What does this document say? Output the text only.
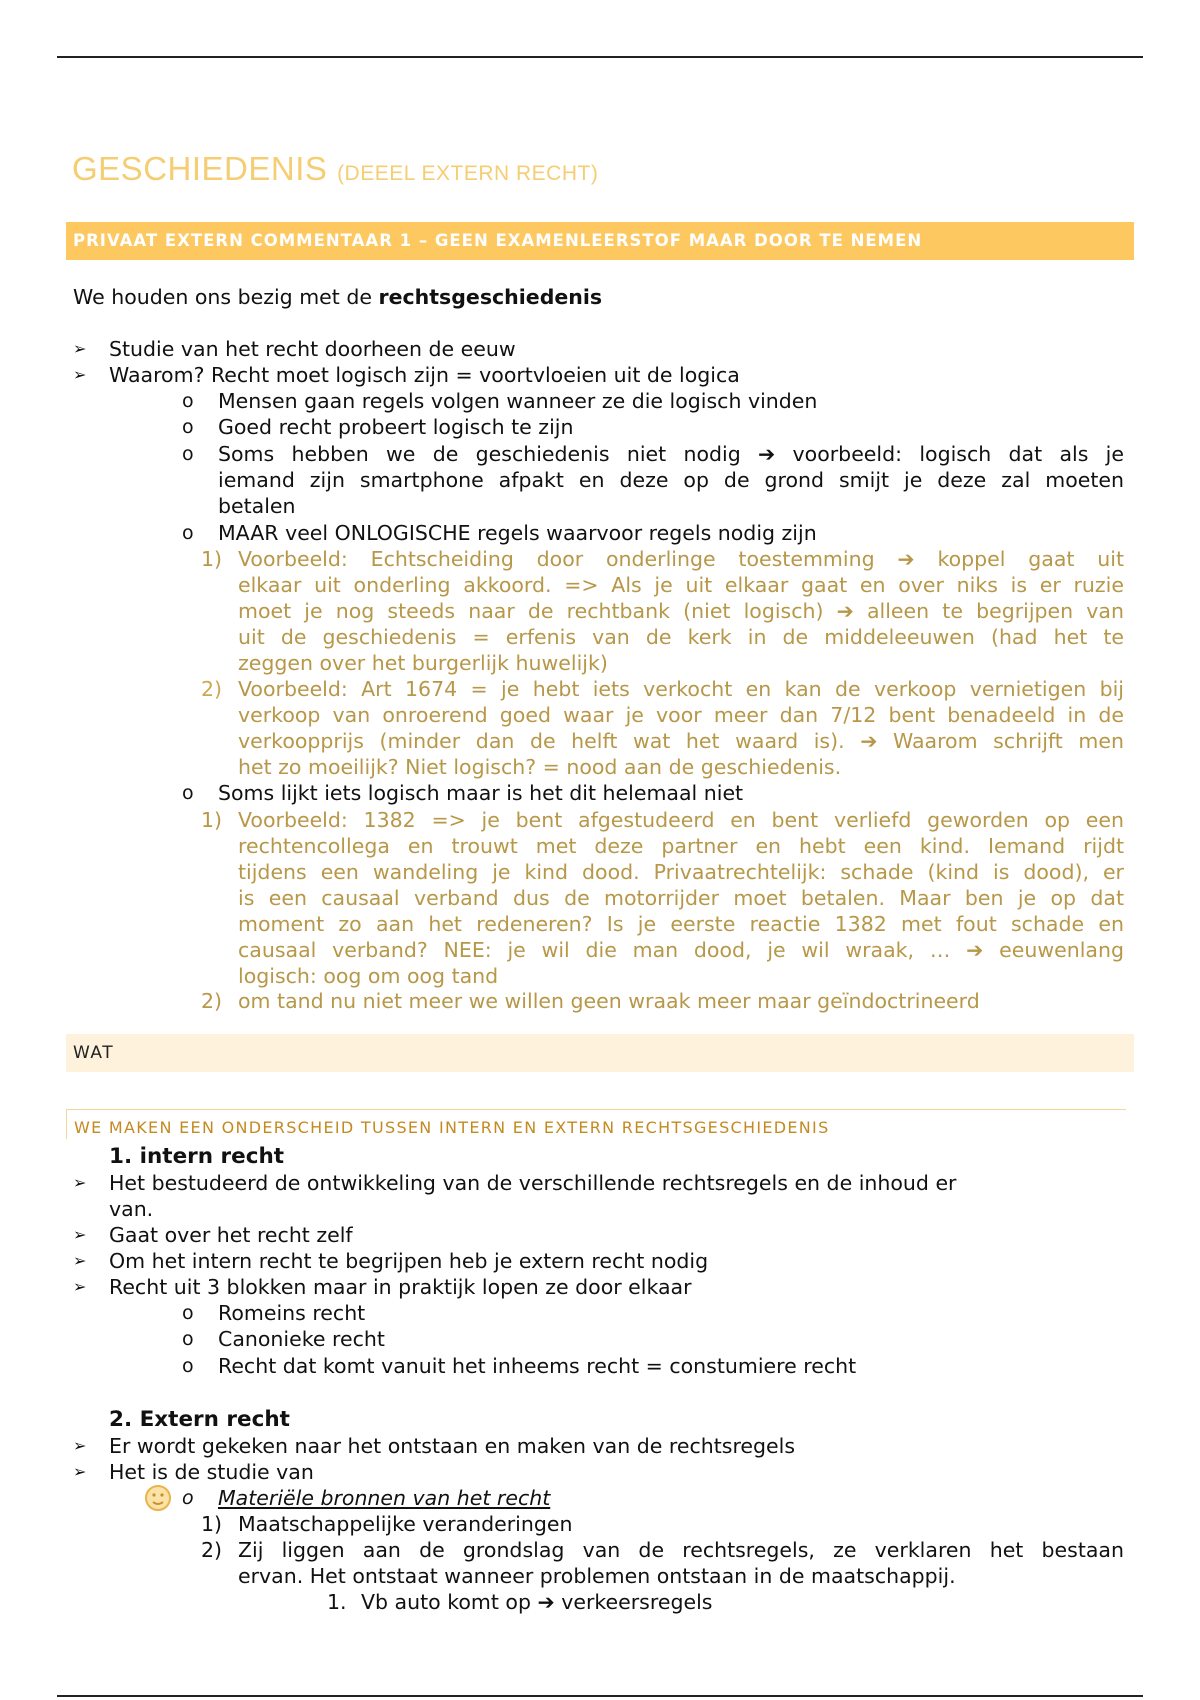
GESCHIEDENIS (DEEEL EXTERN RECHT)
PRIVAAT EXTERN COMMENTAAR 1 – GEEN EXAMENLEERSTOF MAAR DOOR TE NEMEN
We houden ons bezig met de rechtsgeschiedenis
➢ Studie van het recht doorheen de eeuw
➢ Waarom? Recht moet logisch zijn = voortvloeien uit de logica
o Mensen gaan regels volgen wanneer ze die logisch vinden
o Goed recht probeert logisch te zijn
o Soms hebben we de geschiedenis niet nodig ➔ voorbeeld: logisch dat als je
iemand zijn smartphone afpakt en deze op de grond smijt je deze zal moeten
betalen
o MAAR veel ONLOGISCHE regels waarvoor regels nodig zijn
1) Voorbeeld: Echtscheiding door onderlinge toestemming ➔ koppel gaat uit
elkaar uit onderling akkoord. => Als je uit elkaar gaat en over niks is er ruzie
moet je nog steeds naar de rechtbank (niet logisch) ➔ alleen te begrijpen van
uit de geschiedenis = erfenis van de kerk in de middeleeuwen (had het te
zeggen over het burgerlijk huwelijk)
2) Voorbeeld: Art 1674 = je hebt iets verkocht en kan de verkoop vernietigen bij
verkoop van onroerend goed waar je voor meer dan 7/12 bent benadeeld in de
verkoopprijs (minder dan de helft wat het waard is). ➔ Waarom schrijft men
het zo moeilijk? Niet logisch? = nood aan de geschiedenis.
o Soms lijkt iets logisch maar is het dit helemaal niet
1) Voorbeeld: 1382 => je bent afgestudeerd en bent verliefd geworden op een
rechtencollega en trouwt met deze partner en hebt een kind. Iemand rijdt
tijdens een wandeling je kind dood. Privaatrechtelijk: schade (kind is dood), er
is een causaal verband dus de motorrijder moet betalen. Maar ben je op dat
moment zo aan het redeneren? Is je eerste reactie 1382 met fout schade en
causaal verband? NEE: je wil die man dood, je wil wraak, … ➔ eeuwenlang
logisch: oog om oog tand
2) om tand nu niet meer we willen geen wraak meer maar geïndoctrineerd
WAT
WE MAKEN EEN ONDERSCHEID TUSSEN INTERN EN EXTERN RECHTSGESCHIEDENIS
1. intern recht
➢ Het bestudeerd de ontwikkeling van de verschillende rechtsregels en de inhoud er
van.
➢ Gaat over het recht zelf
➢ Om het intern recht te begrijpen heb je extern recht nodig
➢ Recht uit 3 blokken maar in praktijk lopen ze door elkaar
o Romeins recht
o Canonieke recht
o Recht dat komt vanuit het inheems recht = constumiere recht
2. Extern recht
➢ Er wordt gekeken naar het ontstaan en maken van de rechtsregels
➢ Het is de studie van
o Materiële bronnen van het recht
1) Maatschappelijke veranderingen
2) Zij liggen aan de grondslag van de rechtsregels, ze verklaren het bestaan
ervan. Het ontstaat wanneer problemen ontstaan in de maatschappij.
1. Vb auto komt op ➔ verkeersregels
